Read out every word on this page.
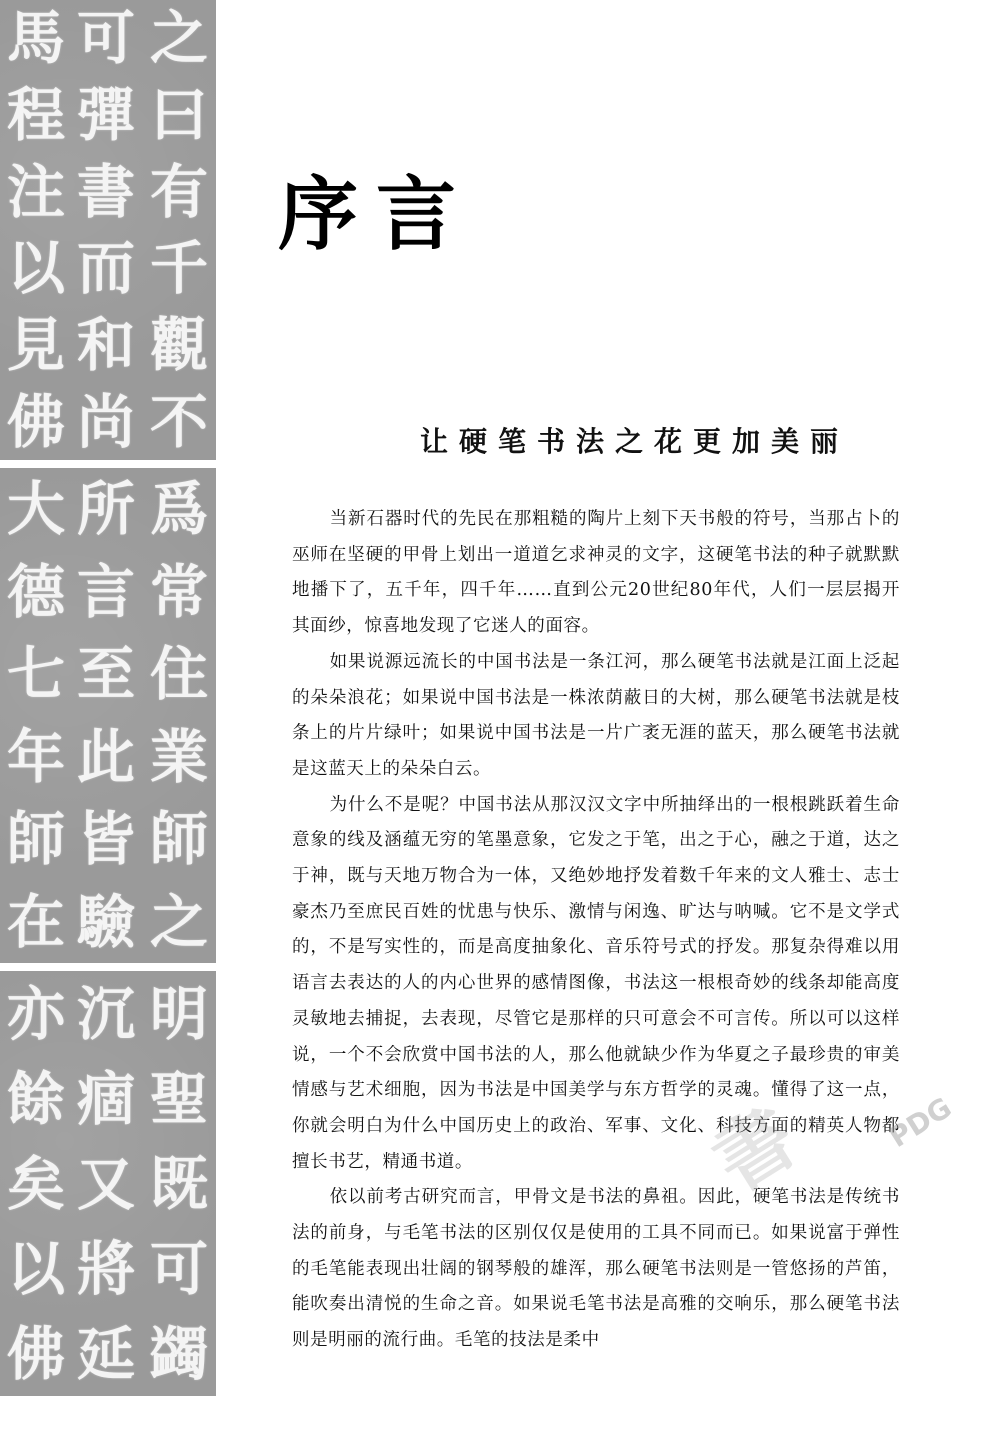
馬
程
注
以
見
佛
可
彈
書
而
和
尚
之
曰
有
千
觀
不
大
德
七
年
師
在
所
言
至
此
皆
驗
爲
常
住
業
師
之
亦
餘
矣
以
佛
沉
痼
又
將
延
明
聖
既
可
蠲
序言
让硬笔书法之花更加美丽

当新石器时代的先民在那粗糙的陶片上刻下天书般的符号，当那占卜的巫师在坚硬的甲骨上划出一道道乞求神灵的文字，这硬笔书法的种子就默默地播下了，五千年，四千年……直到公元20世纪80年代，人们一层层揭开其面纱，惊喜地发现了它迷人的面容。

如果说源远流长的中国书法是一条江河，那么硬笔书法就是江面上泛起的朵朵浪花；如果说中国书法是一株浓荫蔽日的大树，那么硬笔书法就是枝条上的片片绿叶；如果说中国书法是一片广袤无涯的蓝天，那么硬笔书法就是这蓝天上的朵朵白云。

为什么不是呢？中国书法从那汉汉文字中所抽绎出的一根根跳跃着生命意象的线及涵蕴无穷的笔墨意象，它发之于笔，出之于心，融之于道，达之于神，既与天地万物合为一体，又绝妙地抒发着数千年来的文人雅士、志士豪杰乃至庶民百姓的忧患与快乐、激情与闲逸、旷达与呐喊。它不是文学式的，不是写实性的，而是高度抽象化、音乐符号式的抒发。那复杂得难以用语言去表达的人的内心世界的感情图像，书法这一根根奇妙的线条却能高度灵敏地去捕捉，去表现，尽管它是那样的只可意会不可言传。所以可以这样说，一个不会欣赏中国书法的人，那么他就缺少作为华夏之子最珍贵的审美情感与艺术细胞，因为书法是中国美学与东方哲学的灵魂。懂得了这一点，你就会明白为什么中国历史上的政治、军事、文化、科技方面的精英人物都擅长书艺，精通书道。

依以前考古研究而言，甲骨文是书法的鼻祖。因此，硬笔书法是传统书法的前身，与毛笔书法的区别仅仅是使用的工具不同而已。如果说富于弹性的毛笔能表现出壮阔的钢琴般的雄浑，那么硬笔书法则是一管悠扬的芦笛，能吹奏出清悦的生命之音。如果说毛笔书法是高雅的交响乐，那么硬笔书法则是明丽的流行曲。毛笔的技法是柔中

書 PDG
